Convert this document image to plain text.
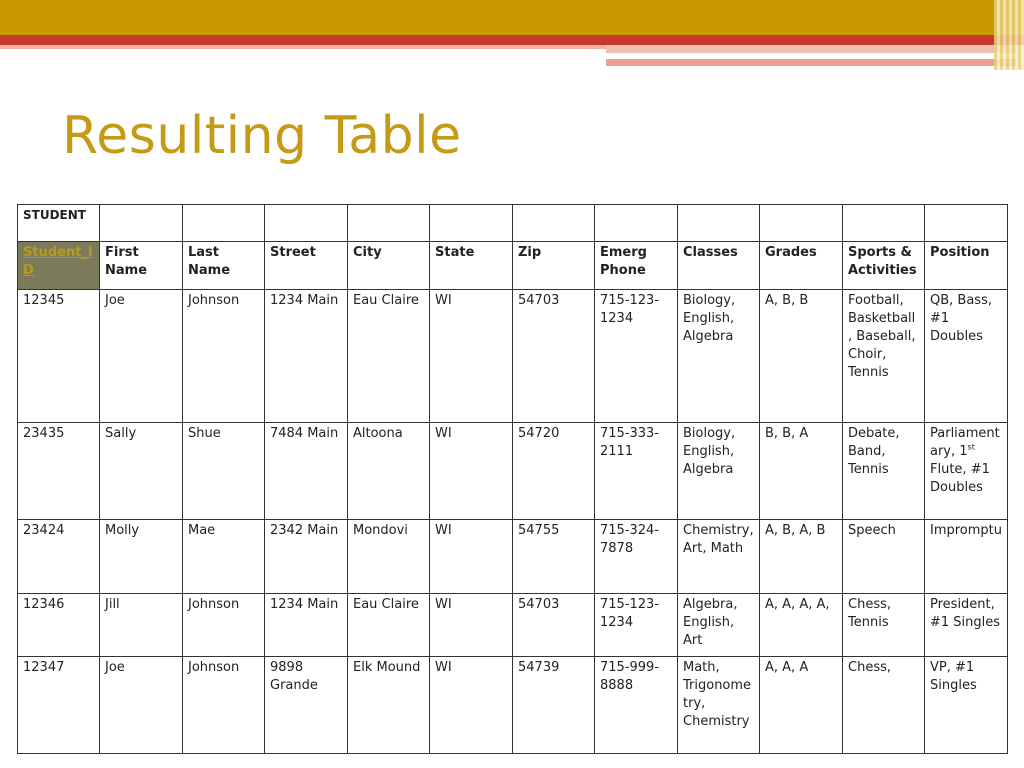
Resulting Table
STUDENT											
Student_ID	First Name	Last Name	Street	City	State	Zip	Emerg Phone	Classes	Grades	Sports & Activities	Position
12345	Joe	Johnson	1234 Main	Eau Claire	WI	54703	715-123-1234	Biology, English, Algebra	A, B, B	Football, Basketball, Baseball, Choir, Tennis	QB, Bass, #1 Doubles
23435	Sally	Shue	7484 Main	Altoona	WI	54720	715-333-2111	Biology, English, Algebra	B, B, A	Debate, Band, Tennis	Parliament ary, 1st Flute, #1 Doubles
23424	Molly	Mae	2342 Main	Mondovi	WI	54755	715-324-7878	Chemistry, Art, Math	A, B, A, B	Speech	Impromptu
12346	Jill	Johnson	1234 Main	Eau Claire	WI	54703	715-123-1234	Algebra, English, Art	A, A, A, A,	Chess, Tennis	President, #1 Singles
12347	Joe	Johnson	9898 Grande	Elk Mound	WI	54739	715-999-8888	Math, Trigonometry, Chemistry	A, A, A	Chess,	VP, #1 Singles
